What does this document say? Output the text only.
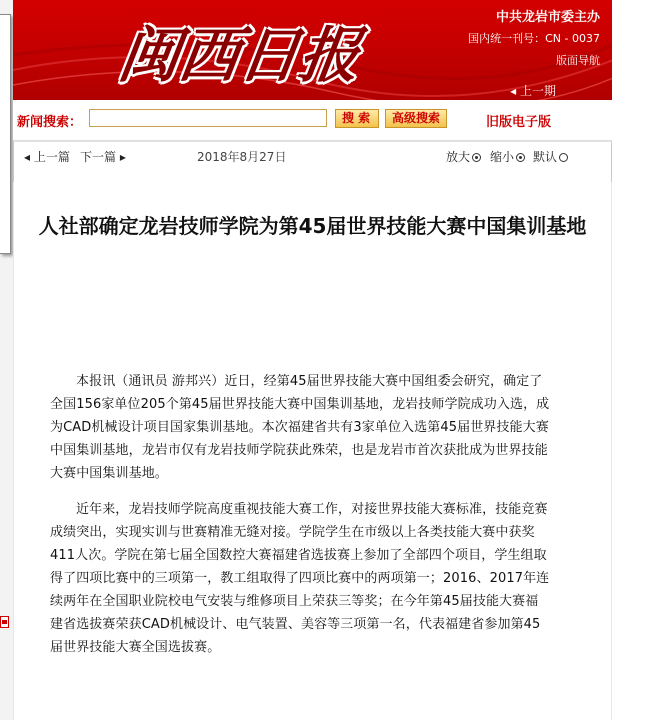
闽
西
日
报
中共龙岩市委主办
国内统一刊号：CN - 0037
版面导航
◂ 上一期
新闻搜索：	搜 索	高级搜索	旧版电子版
◂ 上一篇 下一篇 ▸	2018年8月27日	放大	缩小	默认
人社部确定龙岩技师学院为第45届世界技能大赛中国集训基地

本报讯（通讯员 游邦兴）近日，经第45届世界技能大赛中国组委会研究，确定了全国156家单位205个第45届世界技能大赛中国集训基地，龙岩技师学院成功入选，成为CAD机械设计项目国家集训基地。本次福建省共有3家单位入选第45届世界技能大赛中国集训基地，龙岩市仅有龙岩技师学院获此殊荣，也是龙岩市首次获批成为世界技能大赛中国集训基地。

近年来，龙岩技师学院高度重视技能大赛工作，对接世界技能大赛标准，技能竞赛成绩突出，实现实训与世赛精准无缝对接。学院学生在市级以上各类技能大赛中获奖411人次。学院在第七届全国数控大赛福建省选拔赛上参加了全部四个项目，学生组取得了四项比赛中的三项第一，教工组取得了四项比赛中的两项第一；2016、2017年连续两年在全国职业院校电气安装与维修项目上荣获三等奖；在今年第45届技能大赛福建省选拔赛荣获CAD机械设计、电气装置、美容等三项第一名，代表福建省参加第45届世界技能大赛全国选拔赛。
